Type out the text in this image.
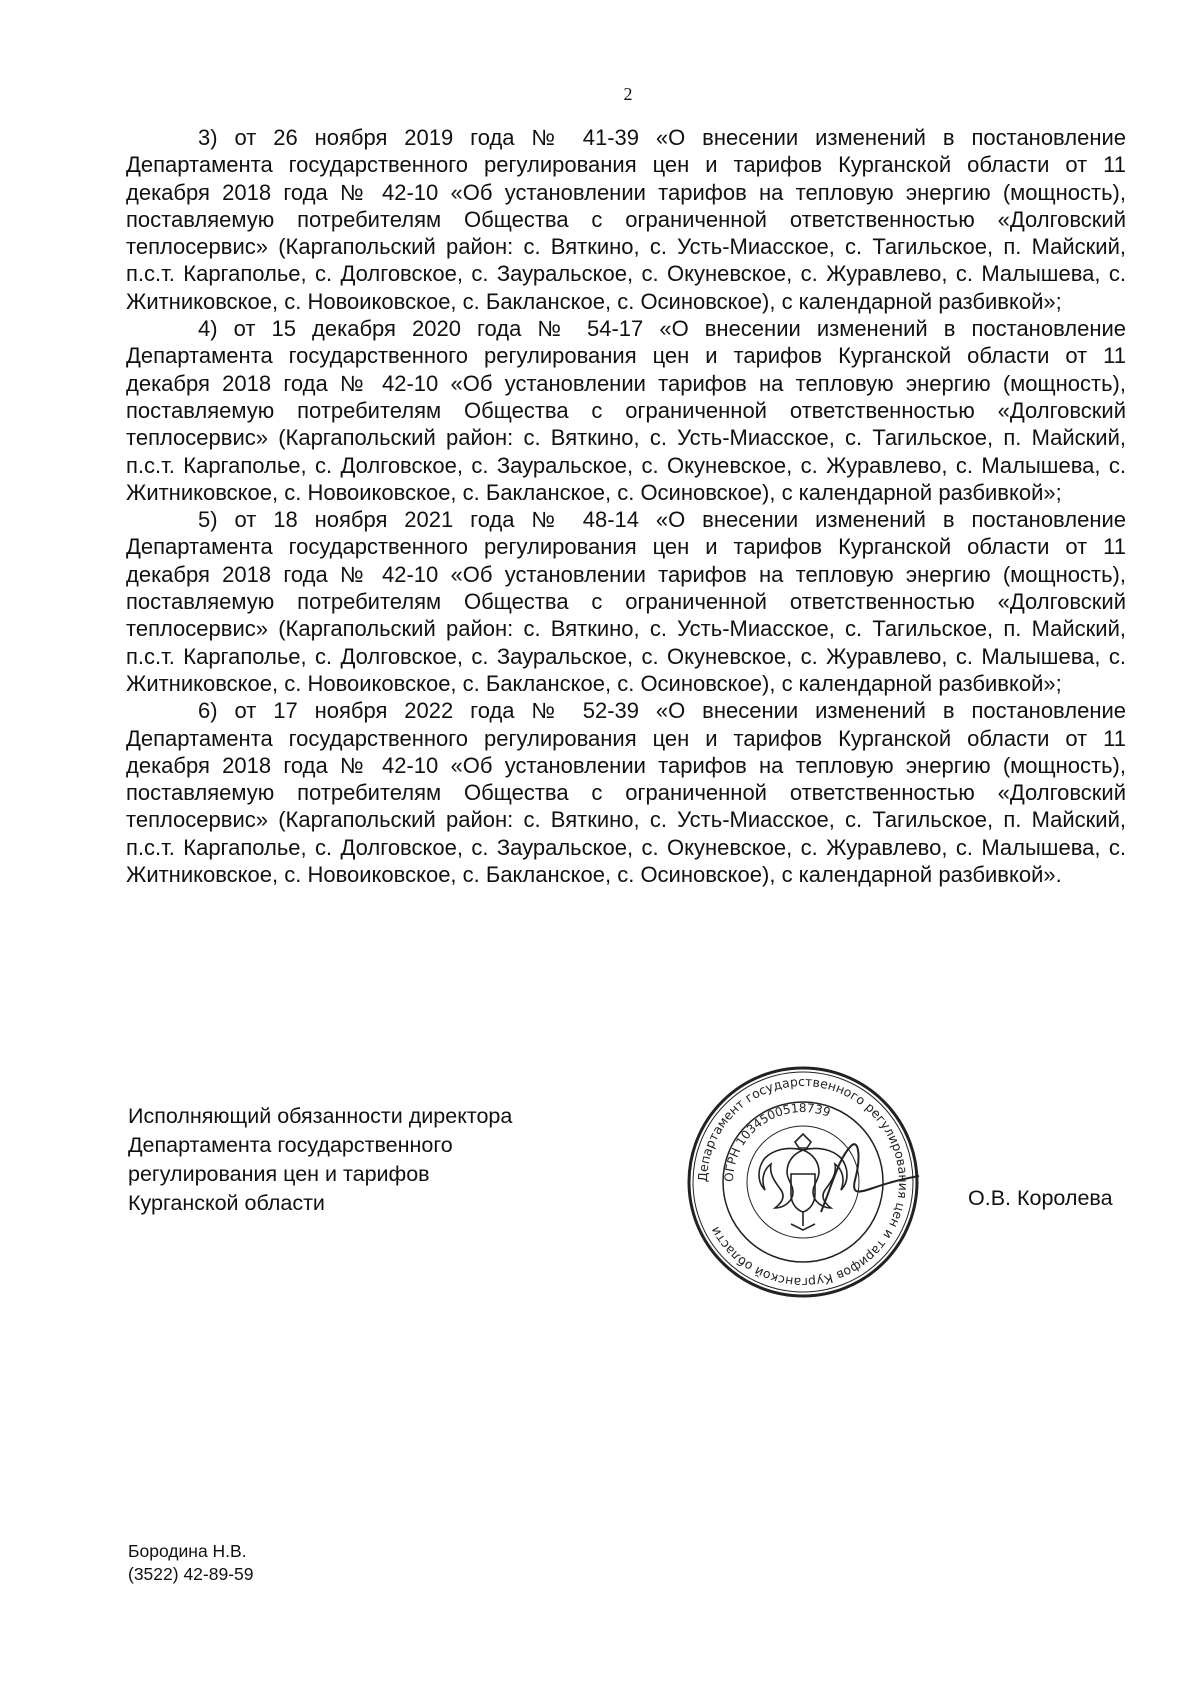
2

3) от 26 ноября 2019 года № 41-39 «О внесении изменений в постановление Департамента государственного регулирования цен и тарифов Курганской области от 11 декабря 2018 года № 42-10 «Об установлении тарифов на тепловую энергию (мощность), поставляемую потребителям Общества с ограниченной ответственностью «Долговский теплосервис» (Каргапольский район: с. Вяткино, с. Усть-Миасское, с. Тагильское, п. Майский, п.с.т. Каргаполье, с. Долговское, с. Зауральское, с. Окуневское, с. Журавлево, с. Малышева, с. Житниковское, с. Новоиковское, с. Бакланское, с. Осиновское), с календарной разбивкой»;

4) от 15 декабря 2020 года № 54-17 «О внесении изменений в постановление Департамента государственного регулирования цен и тарифов Курганской области от 11 декабря 2018 года № 42-10 «Об установлении тарифов на тепловую энергию (мощность), поставляемую потребителям Общества с ограниченной ответственностью «Долговский теплосервис» (Каргапольский район: с. Вяткино, с. Усть-Миасское, с. Тагильское, п. Майский, п.с.т. Каргаполье, с. Долговское, с. Зауральское, с. Окуневское, с. Журавлево, с. Малышева, с. Житниковское, с. Новоиковское, с. Бакланское, с. Осиновское), с календарной разбивкой»;

5) от 18 ноября 2021 года № 48-14 «О внесении изменений в постановление Департамента государственного регулирования цен и тарифов Курганской области от 11 декабря 2018 года № 42-10 «Об установлении тарифов на тепловую энергию (мощность), поставляемую потребителям Общества с ограниченной ответственностью «Долговский теплосервис» (Каргапольский район: с. Вяткино, с. Усть-Миасское, с. Тагильское, п. Майский, п.с.т. Каргаполье, с. Долговское, с. Зауральское, с. Окуневское, с. Журавлево, с. Малышева, с. Житниковское, с. Новоиковское, с. Бакланское, с. Осиновское), с календарной разбивкой»;

6) от 17 ноября 2022 года № 52-39 «О внесении изменений в постановление Департамента государственного регулирования цен и тарифов Курганской области от 11 декабря 2018 года № 42-10 «Об установлении тарифов на тепловую энергию (мощность), поставляемую потребителям Общества с ограниченной ответственностью «Долговский теплосервис» (Каргапольский район: с. Вяткино, с. Усть-Миасское, с. Тагильское, п. Майский, п.с.т. Каргаполье, с. Долговское, с. Зауральское, с. Окуневское, с. Журавлево, с. Малышева, с. Житниковское, с. Новоиковское, с. Бакланское, с. Осиновское), с календарной разбивкой».

Исполняющий обязанности директора
Департамента государственного
регулирования цен и тарифов
Курганской области
Департамент государственного регулирования цен и тарифов Курганской области
ОГРН 1034500518739
О.В. Королева
Бородина Н.В.
(3522) 42-89-59
